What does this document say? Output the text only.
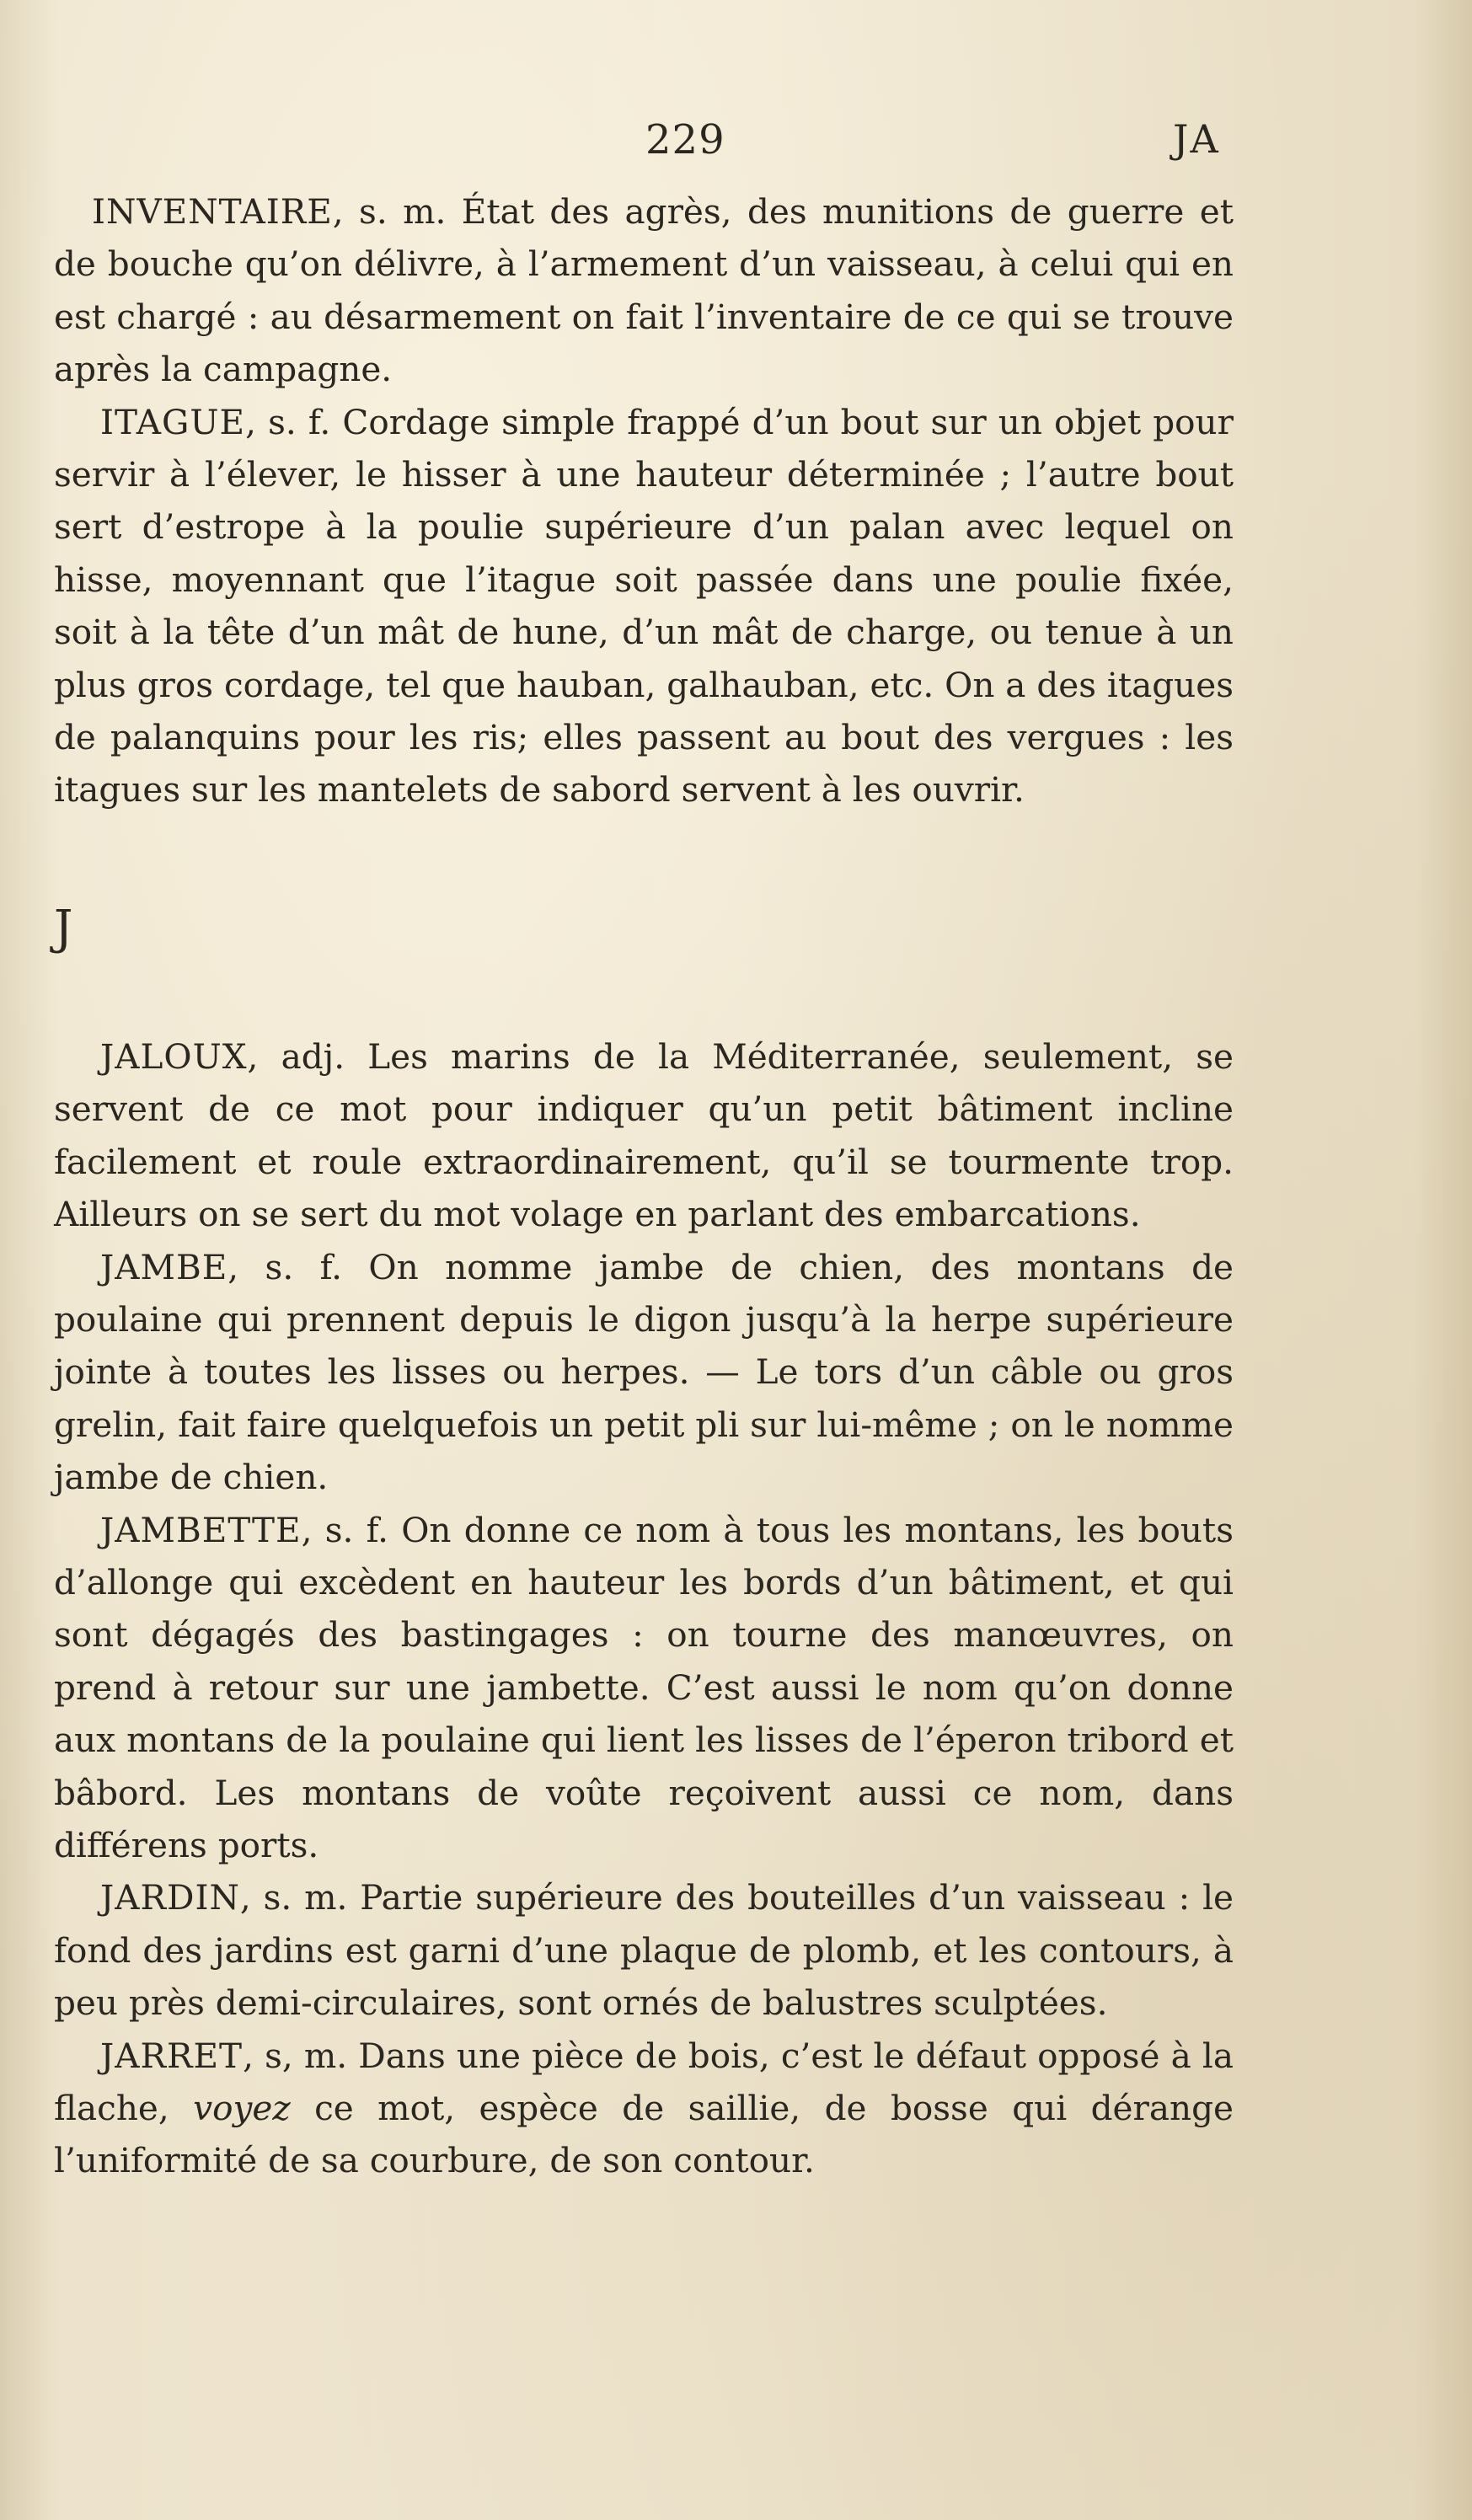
229	JA

INVENTAIRE, s. m. État des agrès, des munitions de guerre et de bouche qu’on délivre, à l’armement d’un vaisseau, à celui qui en est chargé : au désarmement on fait l’inventaire de ce qui se trouve après la campagne.

ITAGUE, s. f. Cordage simple frappé d’un bout sur un objet pour servir à l’élever, le hisser à une hauteur déterminée ; l’autre bout sert d’estrope à la poulie supérieure d’un palan avec lequel on hisse, moyennant que l’itague soit passée dans une poulie fixée, soit à la tête d’un mât de hune, d’un mât de charge, ou tenue à un plus gros cordage, tel que hauban, galhauban, etc. On a des itagues de palanquins pour les ris; elles passent au bout des vergues : les itagues sur les mantelets de sabord servent à les ouvrir.

J

JALOUX, adj. Les marins de la Méditerranée, seulement, se servent de ce mot pour indiquer qu’un petit bâtiment incline facilement et roule extraordinairement, qu’il se tourmente trop. Ailleurs on se sert du mot volage en parlant des embarcations.

JAMBE, s. f. On nomme jambe de chien, des montans de poulaine qui prennent depuis le digon jusqu’à la herpe supérieure jointe à toutes les lisses ou herpes. — Le tors d’un câble ou gros grelin, fait faire quelquefois un petit pli sur lui-même ; on le nomme jambe de chien.

JAMBETTE, s. f. On donne ce nom à tous les montans, les bouts d’allonge qui excèdent en hauteur les bords d’un bâtiment, et qui sont dégagés des bastingages : on tourne des manœuvres, on prend à retour sur une jambette. C’est aussi le nom qu’on donne aux montans de la poulaine qui lient les lisses de l’éperon tribord et bâbord. Les montans de voûte reçoivent aussi ce nom, dans différens ports.

JARDIN, s. m. Partie supérieure des bouteilles d’un vaisseau : le fond des jardins est garni d’une plaque de plomb, et les contours, à peu près demi-circulaires, sont ornés de balustres sculptées.

JARRET, s, m. Dans une pièce de bois, c’est le défaut opposé à la flache, voyez ce mot, espèce de saillie, de bosse qui dérange l’uniformité de sa courbure, de son contour.
